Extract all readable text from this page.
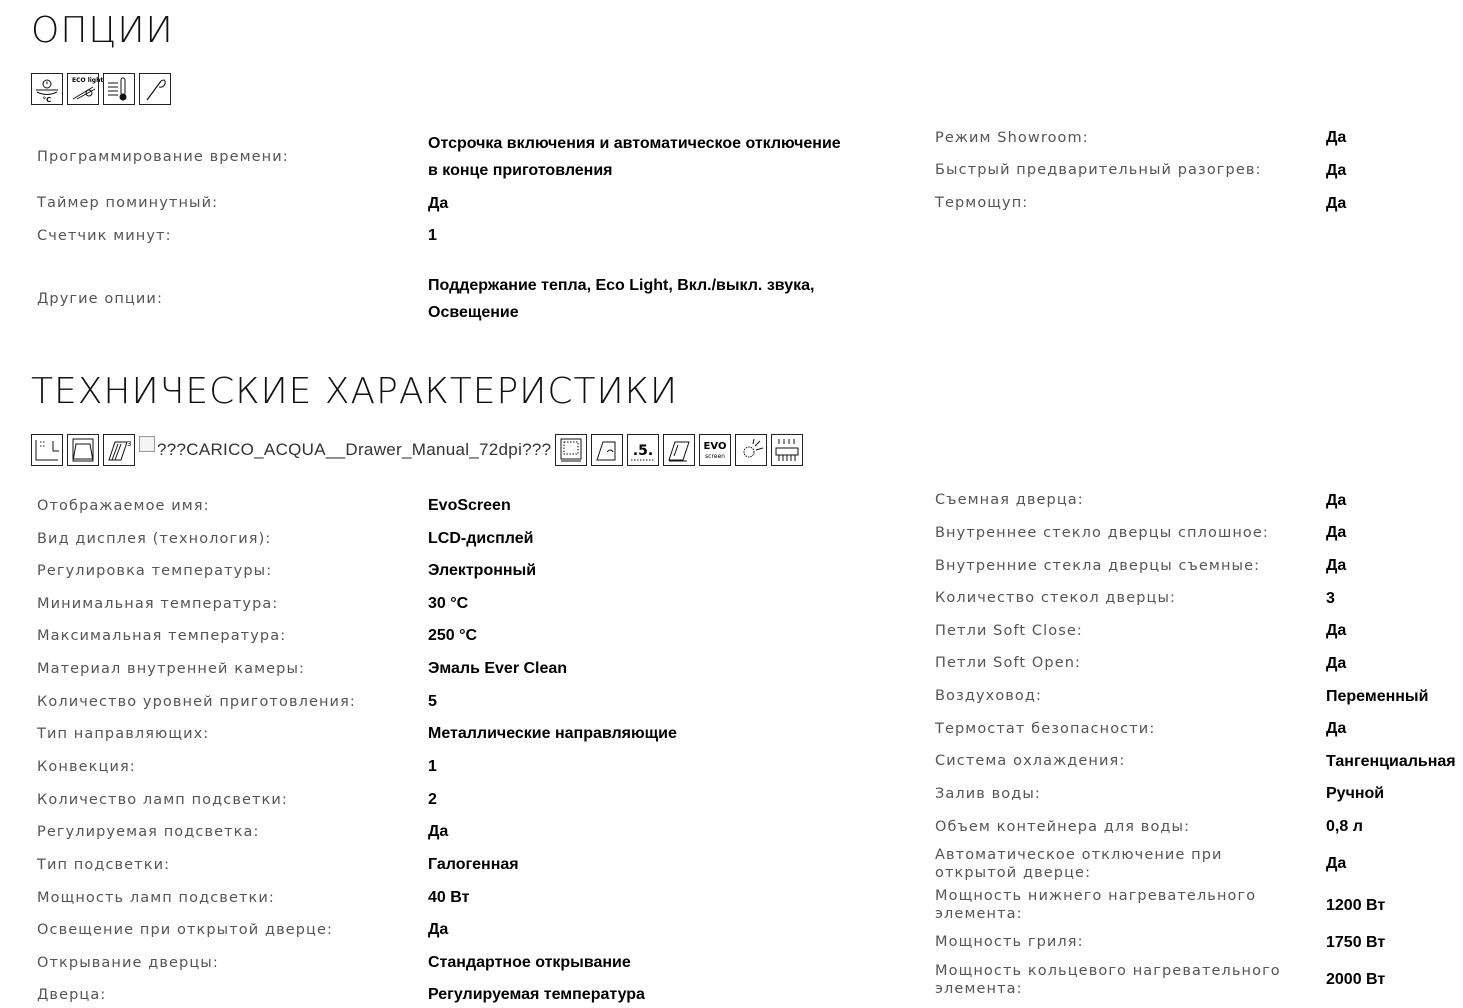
ОПЦИИ
°C
ECO light
Программирование времени:
Отсрочка включения и автоматическое отключение
в конце приготовления
Таймер поминутный:	Да
Счетчик минут:	1
Другие опции:
Поддержание тепла, Eco Light, Вкл./выкл. звука,
Освещение
Режим Showroom:	Да
Быстрый предварительный разогрев:	Да
Термощуп:	Да
ТЕХНИЧЕСКИЕ ХАРАКТЕРИСТИКИ
3 ???CARICO_ACQUA__Drawer_Manual_72dpi???	.5.	EVO
screen
Отображаемое имя:	EvoScreen
Вид дисплея (технология):	LCD-дисплей
Регулировка температуры:	Электронный
Минимальная температура:	30 °C
Максимальная температура:	250 °C
Материал внутренней камеры:	Эмаль Ever Clean
Количество уровней приготовления:	5
Тип направляющих:	Металлические направляющие
Конвекция:	1
Количество ламп подсветки:	2
Регулируемая подсветка:	Да
Тип подсветки:	Галогенная
Мощность ламп подсветки:	40 Вт
Освещение при открытой дверце:	Да
Открывание дверцы:	Стандартное открывание
Дверца:	Регулируемая температура
Съемная дверца:	Да
Внутреннее стекло дверцы сплошное:	Да
Внутренние стекла дверцы съемные:	Да
Количество стекол дверцы:	3
Петли Soft Close:	Да
Петли Soft Open:	Да
Воздуховод:	Переменный
Термостат безопасности:	Да
Система охлаждения:	Тангенциальная
Залив воды:	Ручной
Объем контейнера для воды:	0,8 л
Автоматическое отключение при
открытой дверце:
Да
Мощность нижнего нагревательного
элемента:	1200 Вт
Мощность гриля:	1750 Вт
Мощность кольцевого нагревательного
элемента:
2000 Вт
